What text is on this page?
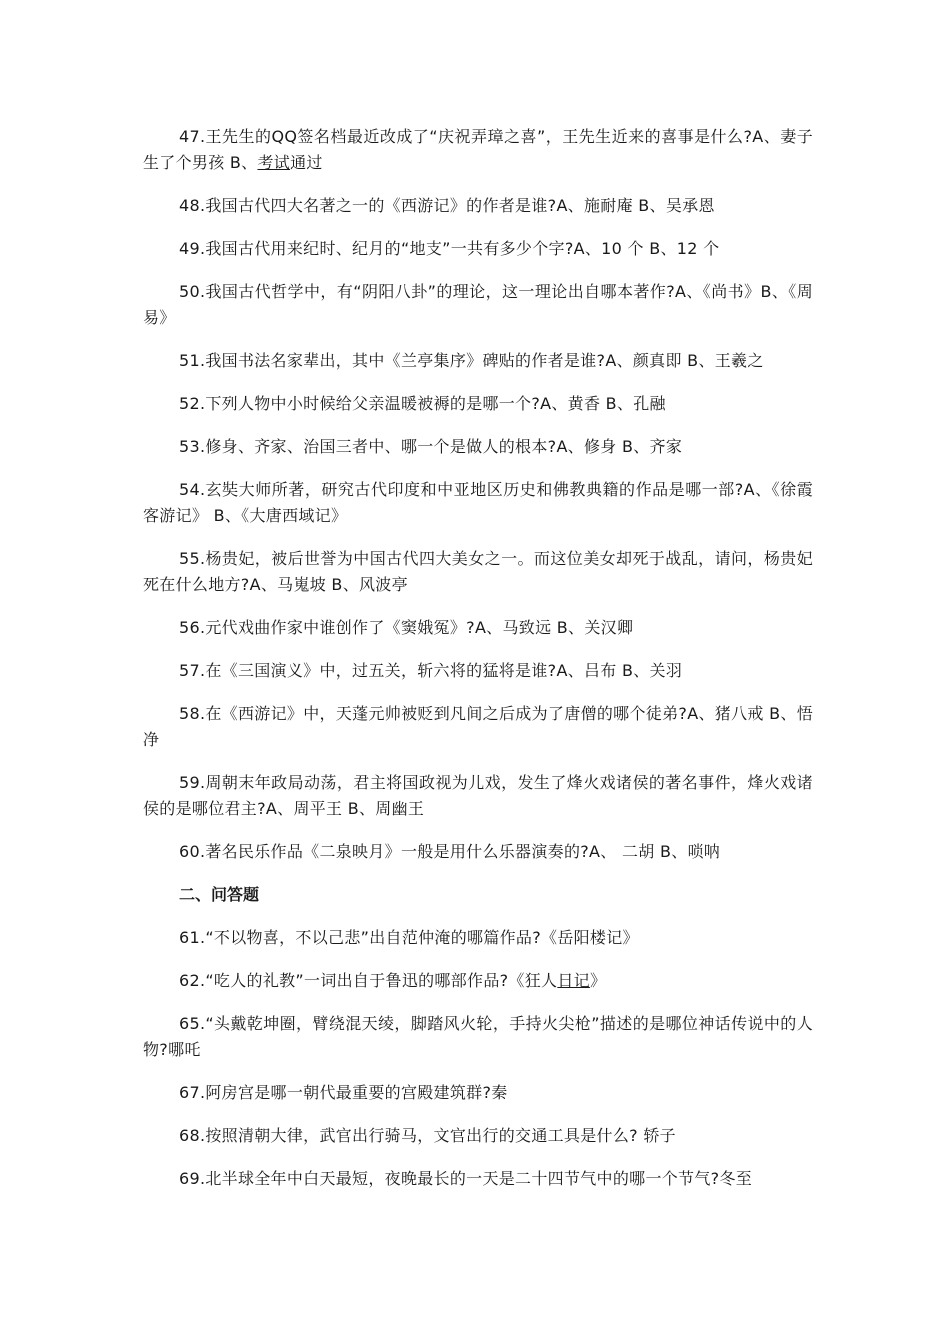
47.王先生的QQ签名档最近改成了“庆祝弄璋之喜”，王先生近来的喜事是什么?A、妻子生了个男孩 B、考试通过

48.我国古代四大名著之一的《西游记》的作者是谁?A、施耐庵 B、吴承恩

49.我国古代用来纪时、纪月的“地支”一共有多少个字?A、10 个 B、12 个

50.我国古代哲学中，有“阴阳八卦”的理论，这一理论出自哪本著作?A、《尚书》B、《周易》

51.我国书法名家辈出，其中《兰亭集序》碑贴的作者是谁?A、颜真即 B、王羲之

52.下列人物中小时候给父亲温暖被褥的是哪一个?A、黄香 B、孔融

53.修身、齐家、治国三者中、哪一个是做人的根本?A、修身 B、齐家

54.玄奘大师所著，研究古代印度和中亚地区历史和佛教典籍的作品是哪一部?A、《徐霞客游记》 B、《大唐西域记》

55.杨贵妃，被后世誉为中国古代四大美女之一。而这位美女却死于战乱，请问，杨贵妃死在什么地方?A、马嵬坡 B、风波亭

56.元代戏曲作家中谁创作了《窦娥冤》?A、马致远 B、关汉卿

57.在《三国演义》中，过五关，斩六将的猛将是谁?A、吕布 B、关羽

58.在《西游记》中，天蓬元帅被贬到凡间之后成为了唐僧的哪个徒弟?A、猪八戒 B、悟净

59.周朝末年政局动荡，君主将国政视为儿戏，发生了烽火戏诸侯的著名事件，烽火戏诸侯的是哪位君主?A、周平王 B、周幽王

60.著名民乐作品《二泉映月》一般是用什么乐器演奏的?A、 二胡 B、唢呐

二、问答题

61.“不以物喜，不以己悲”出自范仲淹的哪篇作品?《岳阳楼记》

62.“吃人的礼教”一词出自于鲁迅的哪部作品?《狂人日记》

65.“头戴乾坤圈，臂绕混天绫，脚踏风火轮，手持火尖枪”描述的是哪位神话传说中的人物?哪吒

67.阿房宫是哪一朝代最重要的宫殿建筑群?秦

68.按照清朝大律，武官出行骑马，文官出行的交通工具是什么? 轿子

69.北半球全年中白天最短，夜晚最长的一天是二十四节气中的哪一个节气?冬至
